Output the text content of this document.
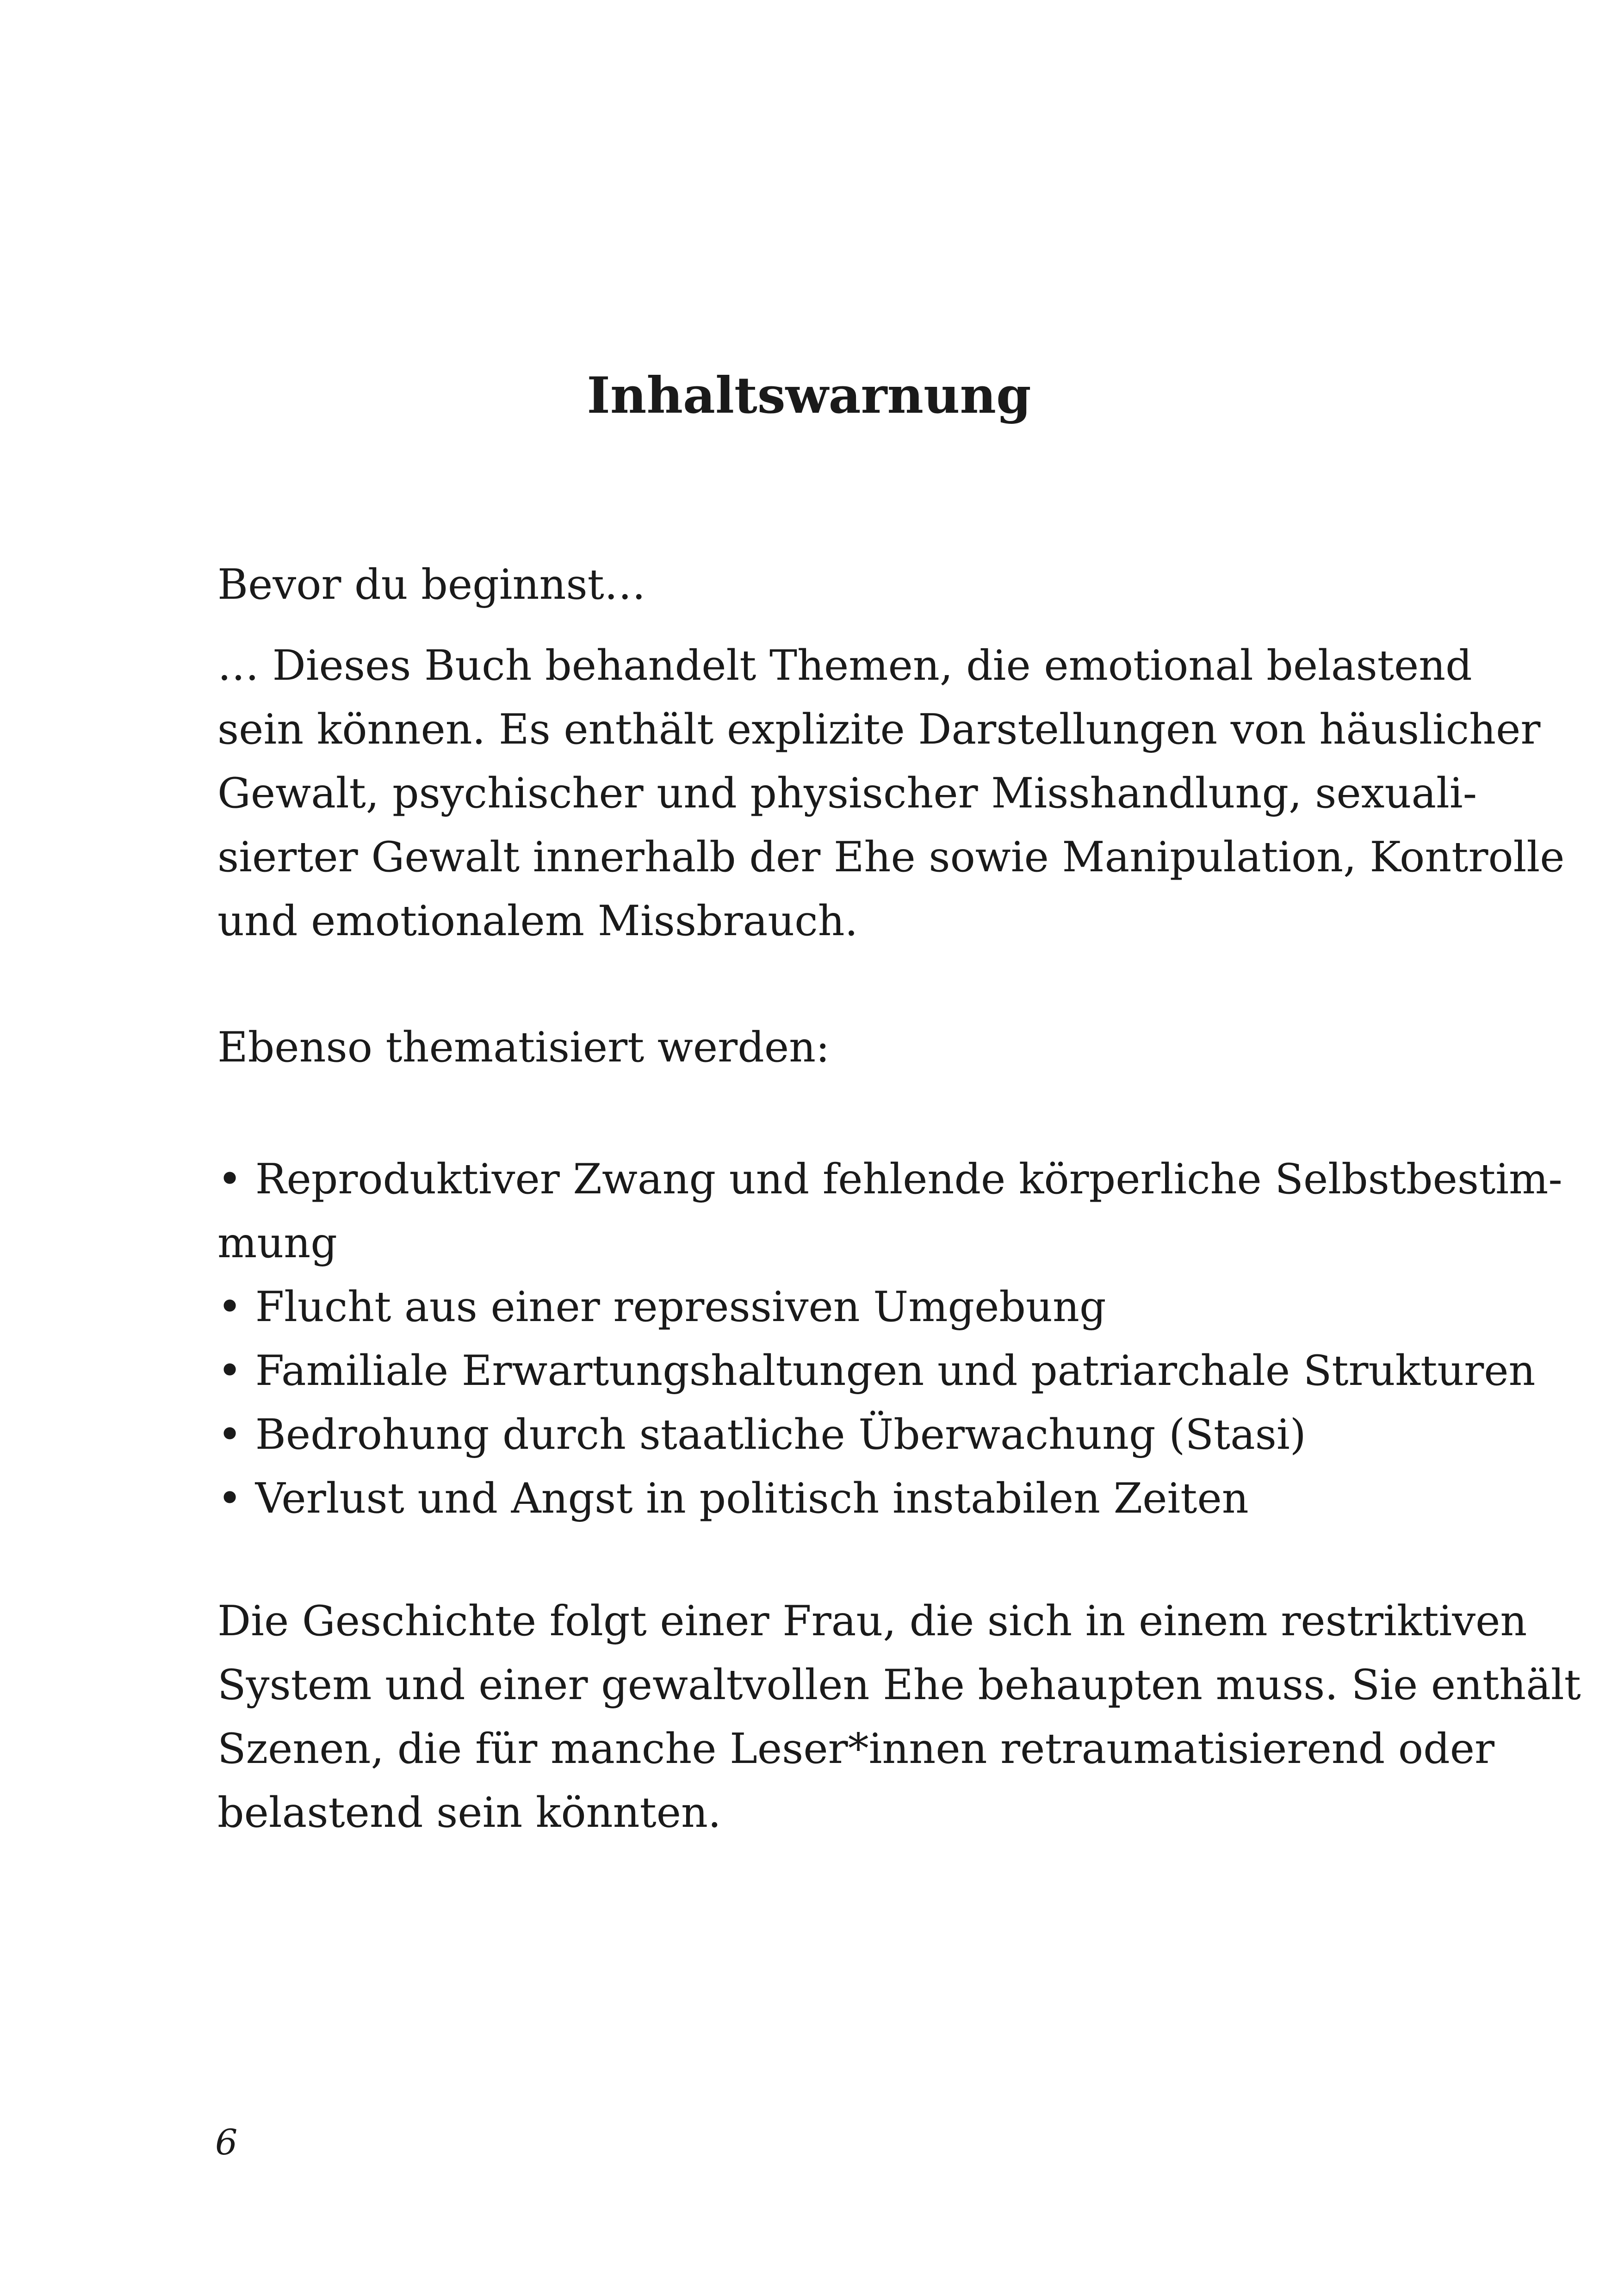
Inhaltswarnung

Bevor du beginnst…

… Dieses Buch behandelt Themen, die emotional belastend
sein können. Es enthält explizite Darstellungen von häuslicher
Gewalt, psychischer und physischer Misshandlung, sexuali-
sierter Gewalt innerhalb der Ehe sowie Manipulation, Kontrolle
und emotionalem Missbrauch.

Ebenso thematisiert werden:

• Reproduktiver Zwang und fehlende körperliche Selbstbestim-
mung
• Flucht aus einer repressiven Umgebung
• Familiale Erwartungshaltungen und patriarchale Strukturen
• Bedrohung durch staatliche Überwachung (Stasi)
• Verlust und Angst in politisch instabilen Zeiten

Die Geschichte folgt einer Frau, die sich in einem restriktiven
System und einer gewaltvollen Ehe behaupten muss. Sie enthält
Szenen, die für manche Leser*innen retraumatisierend oder
belastend sein könnten.

6
